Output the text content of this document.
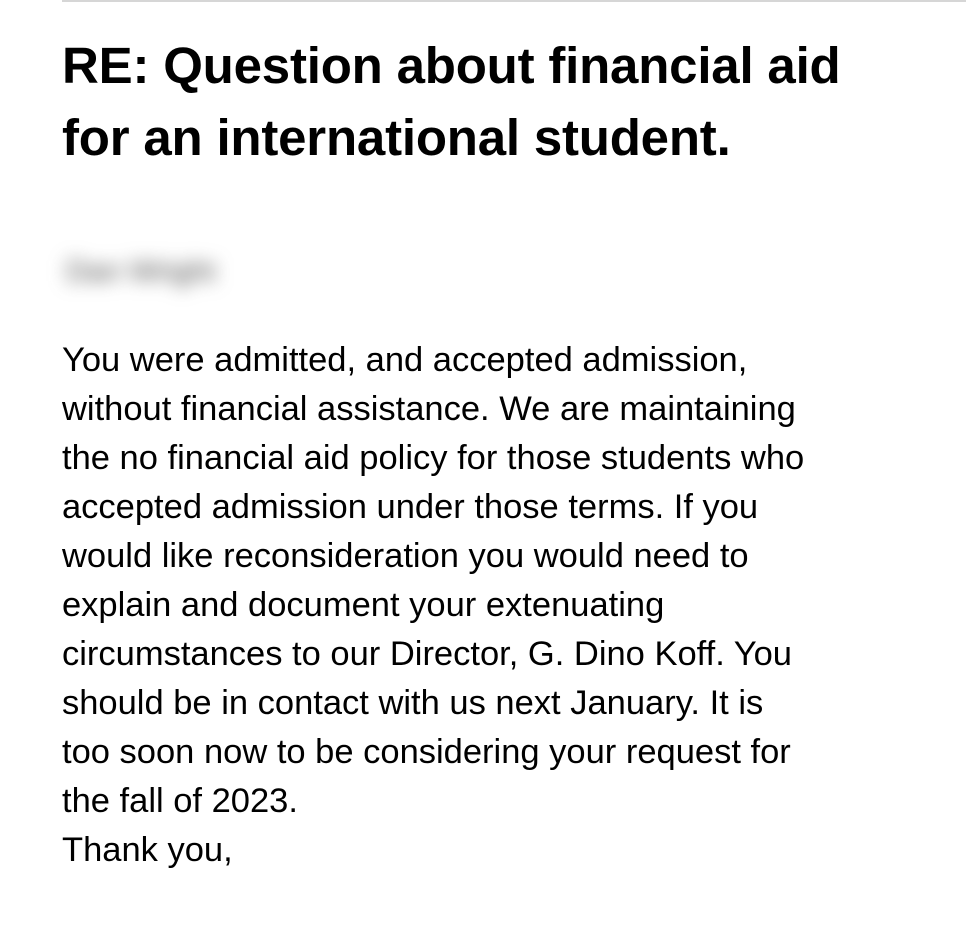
RE: Question about financial aid
for an international student.
Dan Wright

You were admitted, and accepted admission,
without financial assistance. We are maintaining
the no financial aid policy for those students who
accepted admission under those terms. If you
would like reconsideration you would need to
explain and document your extenuating
circumstances to our Director, G. Dino Koff. You
should be in contact with us next January. It is
too soon now to be considering your request for
the fall of 2023.

Thank you,
